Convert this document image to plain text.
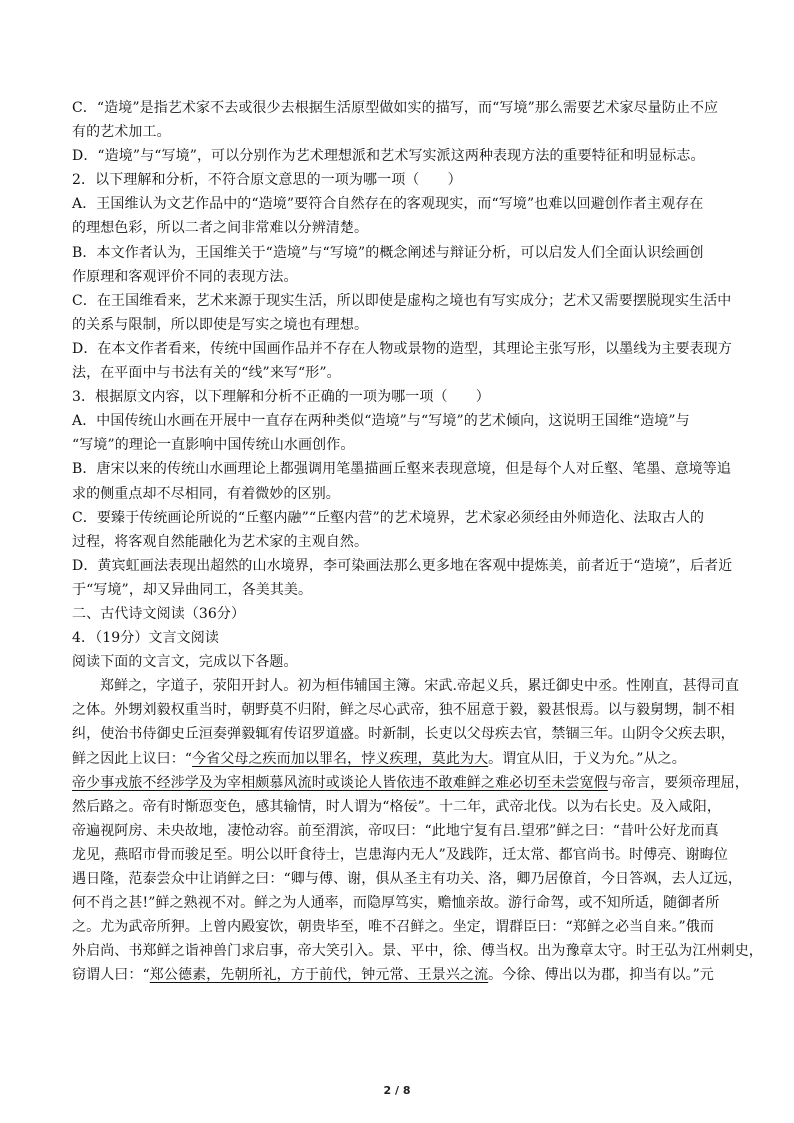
C．“造境”是指艺术家不去或很少去根据生活原型做如实的描写，而“写境”那么需要艺术家尽量防止不应
有的艺术加工。
D．“造境”与“写境”，可以分别作为艺术理想派和艺术写实派这两种表现方法的重要特征和明显标志。
2．以下理解和分析，不符合原文意思的一项为哪一项（　　）
A．王国维认为文艺作品中的“造境”要符合自然存在的客观现实，而“写境”也难以回避创作者主观存在
的理想色彩，所以二者之间非常难以分辨清楚。
B．本文作者认为，王国维关于“造境”与“写境”的概念阐述与辩证分析，可以启发人们全面认识绘画创
作原理和客观评价不同的表现方法。
C．在王国维看来，艺术来源于现实生活，所以即使是虚构之境也有写实成分；艺术又需要摆脱现实生活中
的关系与限制，所以即使是写实之境也有理想。
D．在本文作者看来，传统中国画作品并不存在人物或景物的造型，其理论主张写形，以墨线为主要表现方
法，在平面中与书法有关的“线”来写“形”。
3．根据原文内容，以下理解和分析不正确的一项为哪一项（　　）
A．中国传统山水画在开展中一直存在两种类似“造境”与“写境”的艺术倾向，这说明王国维“造境”与
“写境”的理论一直影响中国传统山水画创作。
B．唐宋以来的传统山水画理论上都强调用笔墨描画丘壑来表现意境，但是每个人对丘壑、笔墨、意境等追
求的侧重点却不尽相同，有着微妙的区别。
C．要臻于传统画论所说的“丘壑内融”“丘壑内营”的艺术境界，艺术家必须经由外师造化、法取古人的
过程，将客观自然能融化为艺术家的主观自然。
D．黄宾虹画法表现出超然的山水境界，李可染画法那么更多地在客观中提炼美，前者近于“造境”，后者近
于“写境”，却又异曲同工，各美其美。
二、古代诗文阅读（36分）
4．（19分）文言文阅读
阅读下面的文言文，完成以下各题。
郑鲜之，字道子，荥阳开封人。初为桓伟辅国主簿。宋武.帝起义兵，累迁御史中丞。性刚直，甚得司直
之体。外甥刘毅权重当时，朝野莫不归附，鲜之尽心武帝，独不屈意于毅，毅甚恨焉。以与毅舅甥，制不相
纠，使治书侍御史丘洹奏弹毅辄宥传诏罗道盛。时新制，长吏以父母疾去官，禁锢三年。山阴令父疾去职，
鲜之因此上议曰：“今省父母之疾而加以罪名，悖义疾理，莫此为大。谓宜从旧，于义为允。”从之。
帝少事戎旅不经涉学及为宰相颇慕风流时或谈论人皆依违不敢难鲜之难必切至未尝宽假与帝言，要须帝理屈，
然后路之。帝有时惭恧变色，感其输情，时人谓为“格佞”。十二年，武帝北伐。以为右长史。及入咸阳，
帝遍视阿房、未央故地，凄怆动容。前至渭滨，帝叹曰：“此地宁复有吕.望邪”鲜之曰：“昔叶公好龙而真
龙见，燕昭市骨而骏足至。明公以旰食待士，岂患海内无人”及践阼，迁太常、都官尚书。时傅亮、谢晦位
遇日隆，范泰尝众中让诮鲜之曰：“卿与傅、谢，俱从圣主有功关、洛，卿乃居僚首，今日答飒，去人辽远，
何不肖之甚!”鲜之熟视不对。鲜之为人通率，而隐厚笃实，赡恤亲故。游行命驾，或不知所适，随御者所
之。尤为武帝所狎。上曾内殿宴饮，朝贵毕至，唯不召鲜之。坐定，谓群臣曰：“郑鲜之必当自来。”俄而
外启尚、书郑鲜之诣神兽门求启事，帝大笑引入。景、平中，徐、傅当权。出为豫章太守。时王弘为江州刺史，
窃谓人曰：“郑公德素，先朝所礼，方于前代，钟元常、王景兴之流。今徐、傅出以为郡，抑当有以。”元
2 / 8
